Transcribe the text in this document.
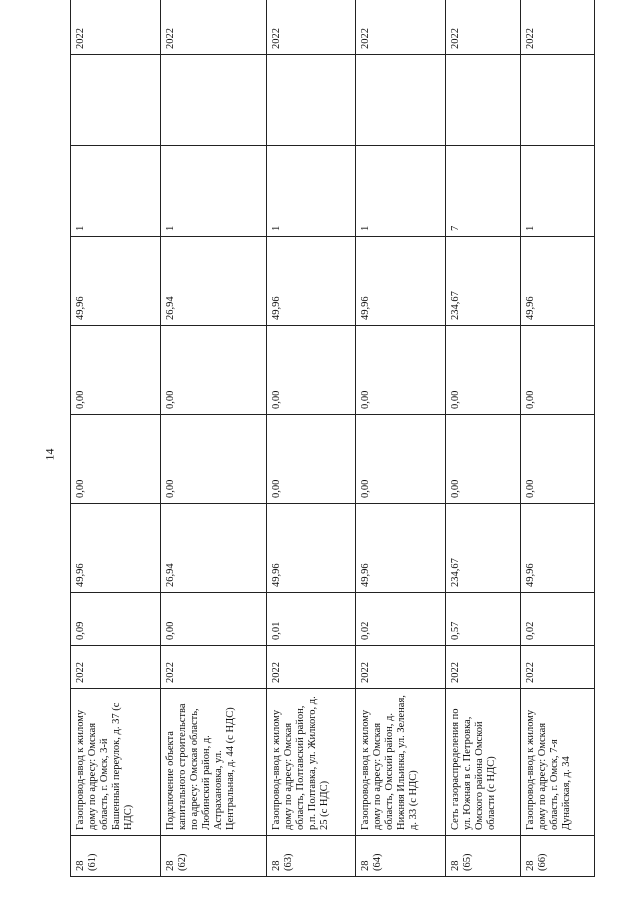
14
28 (61)	Газопровод-ввод к жилому дому по адресу: Омская область, г. Омск, 3-й Башенный переулок, д. 37 (с НДС)	2022	0,09	49,96	0,00	0,00	49,96	1		2022	

28 (62)	Подключение объекта капитального строительства по адресу: Омская область, Любинский район, д. Астрахановка, ул. Центральная, д. 44 (с НДС)	2022	0,00	26,94	0,00	0,00	26,94	1		2022	

28 (63)	Газопровод-ввод к жилому дому по адресу: Омская область, Полтавский район, р.п. Полтавка, ул. Жилкого, д. 25 (с НДС)	2022	0,01	49,96	0,00	0,00	49,96	1		2022	

28 (64)	Газопровод-ввод к жилому дому по адресу: Омская область, Омский район, д. Нижняя Ильинка, ул. Зеленая, д. 33 (с НДС)	2022	0,02	49,96	0,00	0,00	49,96	1		2022	

28 (65)	Сеть газораспределения по ул. Южная в с. Петровка, Омского района Омской области (с НДС)	2022	0,57	234,67	0,00	0,00	234,67	7		2022	

28 (66)	Газопровод-ввод к жилому дому по адресу: Омская область, г. Омск, 7-я Дунайская, д. 34	2022	0,02	49,96	0,00	0,00	49,96	1		2022	
